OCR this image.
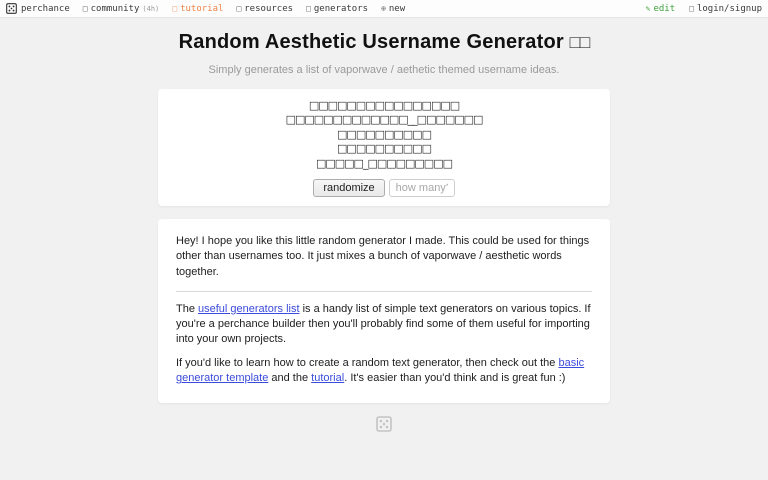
perchance □ community (4h) □ tutorial □ resources □ generators ⊕ new	✎ edit □ login/signup
Random Aesthetic Username Generator □□
Simply generates a list of vaporwave / aethetic themed username ideas.
□□□□□□□□□□□□□□□□
□□□□□□□□□□□□□__□□□□□□□
□□□□□□□□□□
□□□□□□□□□□
□□□□□_□□□□□□□□□
randomizehow many?
Hey! I hope you like this little random generator I made. This could be used for things other than usernames too. It just mixes a bunch of vaporwave / aesthetic words together.
The useful generators list is a handy list of simple text generators on various topics. If you're a perchance builder then you'll probably find some of them useful for importing into your own projects.
If you'd like to learn how to create a random text generator, then check out the basic generator template and the tutorial. It's easier than you'd think and is great fun :)
